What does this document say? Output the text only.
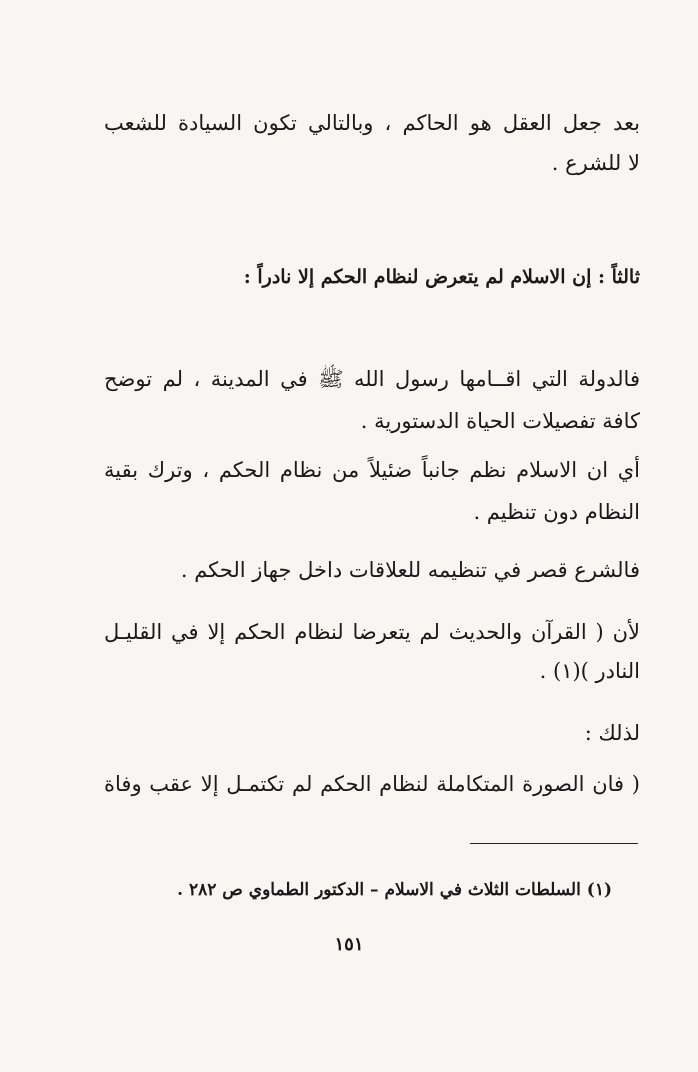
بعد جعل العقل هو الحاكم ، وبالتالي تكون السيادة للشعب
لا للشرع .
ثالثاً : إن الاسلام لم يتعرض لنظام الحكم إلا نادراً :
فالدولة التي اقــامها رسول الله ﷺ في المدينة ، لم توضح
كافة تفصيلات الحياة الدستورية .
أي ان الاسلام نظم جانباً ضئيلاً من نظام الحكم ، وترك بقية
النظام دون تنظيم .
فالشرع قصر في تنظيمه للعلاقات داخل جهاز الحكم .
لأن ( القرآن والحديث لم يتعرضا لنظام الحكم إلا في القليـل
النادر )(١) .
لذلك :
( فان الصورة المتكاملة لنظام الحكم لم تكتمـل إلا عقب وفاة
(١) السلطات الثلاث في الاسلام – الدكتور الطماوي ص ٢٨٢ .
١٥١
